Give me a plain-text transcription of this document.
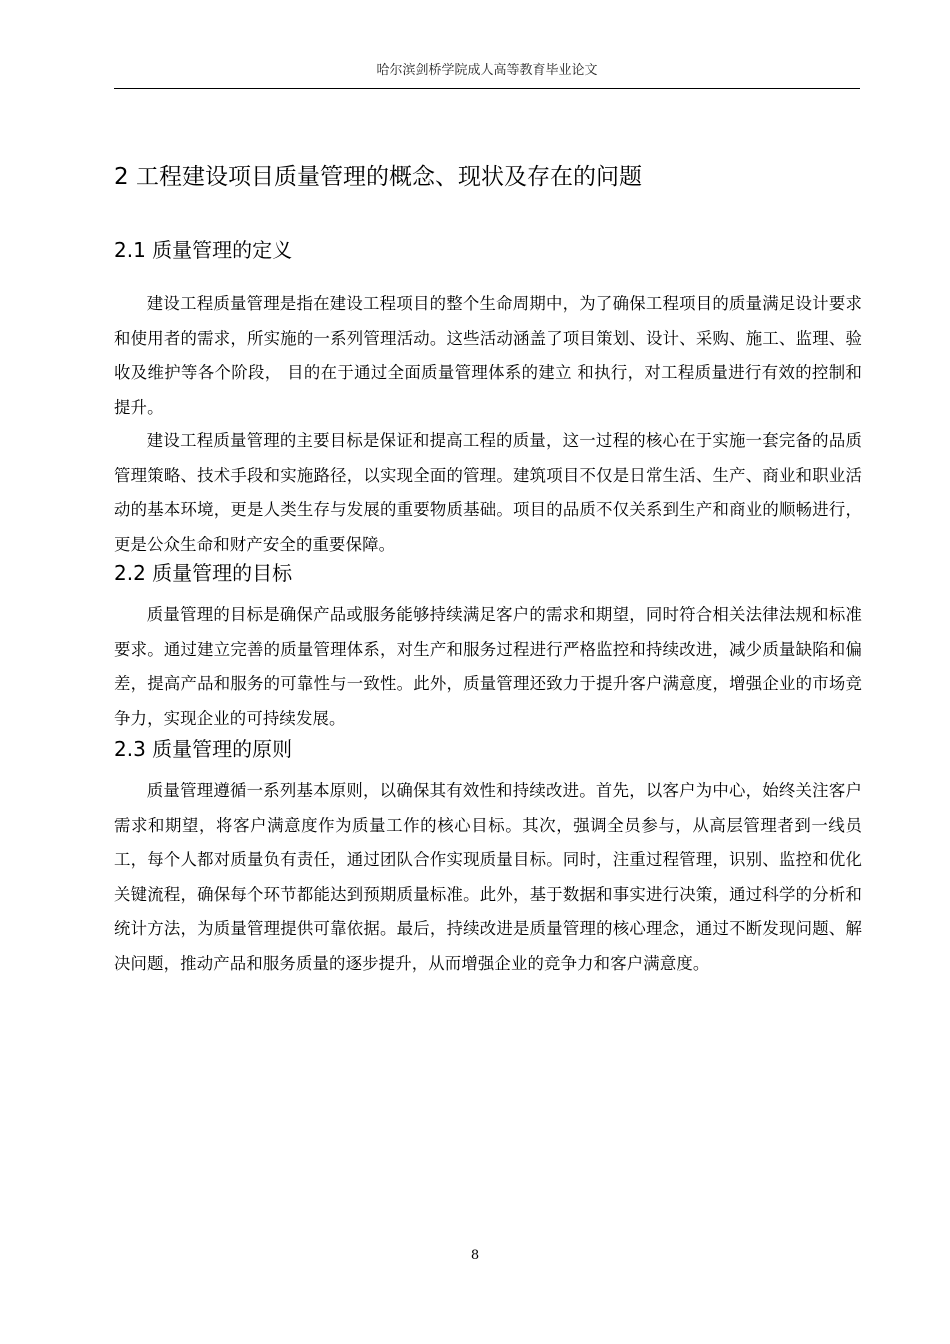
哈尔滨剑桥学院成人高等教育毕业论文
2 工程建设项目质量管理的概念、现状及存在的问题
2.1 质量管理的定义

建设工程质量管理是指在建设工程项目的整个生命周期中，为了确保工程项目的质量满足设计要求和使用者的需求，所实施的一系列管理活动。这些活动涵盖了项目策划、设计、采购、施工、监理、验收及维护等各个阶段， 目的在于通过全面质量管理体系的建立 和执行，对工程质量进行有效的控制和提升。

建设工程质量管理的主要目标是保证和提高工程的质量，这一过程的核心在于实施一套完备的品质管理策略、技术手段和实施路径，以实现全面的管理。建筑项目不仅是日常生活、生产、商业和职业活动的基本环境，更是人类生存与发展的重要物质基础。项目的品质不仅关系到生产和商业的顺畅进行，更是公众生命和财产安全的重要保障。

2.2 质量管理的目标

质量管理的目标是确保产品或服务能够持续满足客户的需求和期望，同时符合相关法律法规和标准要求。通过建立完善的质量管理体系，对生产和服务过程进行严格监控和持续改进，减少质量缺陷和偏差，提高产品和服务的可靠性与一致性。此外，质量管理还致力于提升客户满意度，增强企业的市场竞争力，实现企业的可持续发展。

2.3 质量管理的原则

质量管理遵循一系列基本原则，以确保其有效性和持续改进。首先，以客户为中心，始终关注客户需求和期望，将客户满意度作为质量工作的核心目标。其次，强调全员参与，从高层管理者到一线员工，每个人都对质量负有责任，通过团队合作实现质量目标。同时，注重过程管理，识别、监控和优化关键流程，确保每个环节都能达到预期质量标准。此外，基于数据和事实进行决策，通过科学的分析和统计方法，为质量管理提供可靠依据。最后，持续改进是质量管理的核心理念，通过不断发现问题、解决问题，推动产品和服务质量的逐步提升，从而增强企业的竞争力和客户满意度。

8
